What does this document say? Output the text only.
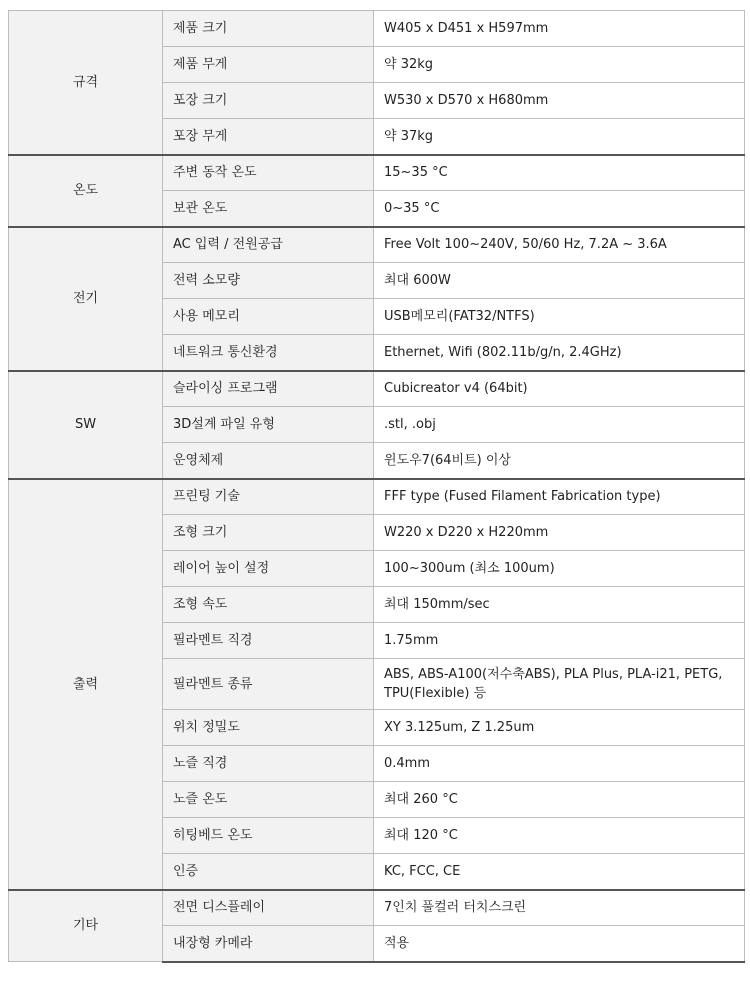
규격	제품 크기	W405 x D451 x H597mm
	제품 무게	약 32kg
	포장 크기	W530 x D570 x H680mm
	포장 무게	약 37kg
온도	주변 동작 온도	15~35 °C
	보관 온도	0~35 °C
전기	AC 입력 / 전원공급	Free Volt 100~240V, 50/60 Hz, 7.2A ~ 3.6A
	전력 소모량	최대 600W
	사용 메모리	USB메모리(FAT32/NTFS)
	네트워크 통신환경	Ethernet, Wifi (802.11b/g/n, 2.4GHz)
SW	슬라이싱 프로그램	Cubicreator v4 (64bit)
	3D설계 파일 유형	.stl, .obj
	운영체제	윈도우7(64비트) 이상
출력	프린팅 기술	FFF type (Fused Filament Fabrication type)
	조형 크기	W220 x D220 x H220mm
	레이어 높이 설정	100~300um (최소 100um)
	조형 속도	최대 150mm/sec
	필라멘트 직경	1.75mm
	필라멘트 종류	ABS, ABS-A100(저수축ABS), PLA Plus, PLA-i21, PETG, TPU(Flexible) 등
	위치 정밀도	XY 3.125um, Z 1.25um
	노즐 직경	0.4mm
	노즐 온도	최대 260 °C
	히팅베드 온도	최대 120 °C
	인증	KC, FCC, CE
기타	전면 디스플레이	7인치 풀컬러 터치스크린
	내장형 카메라	적용
